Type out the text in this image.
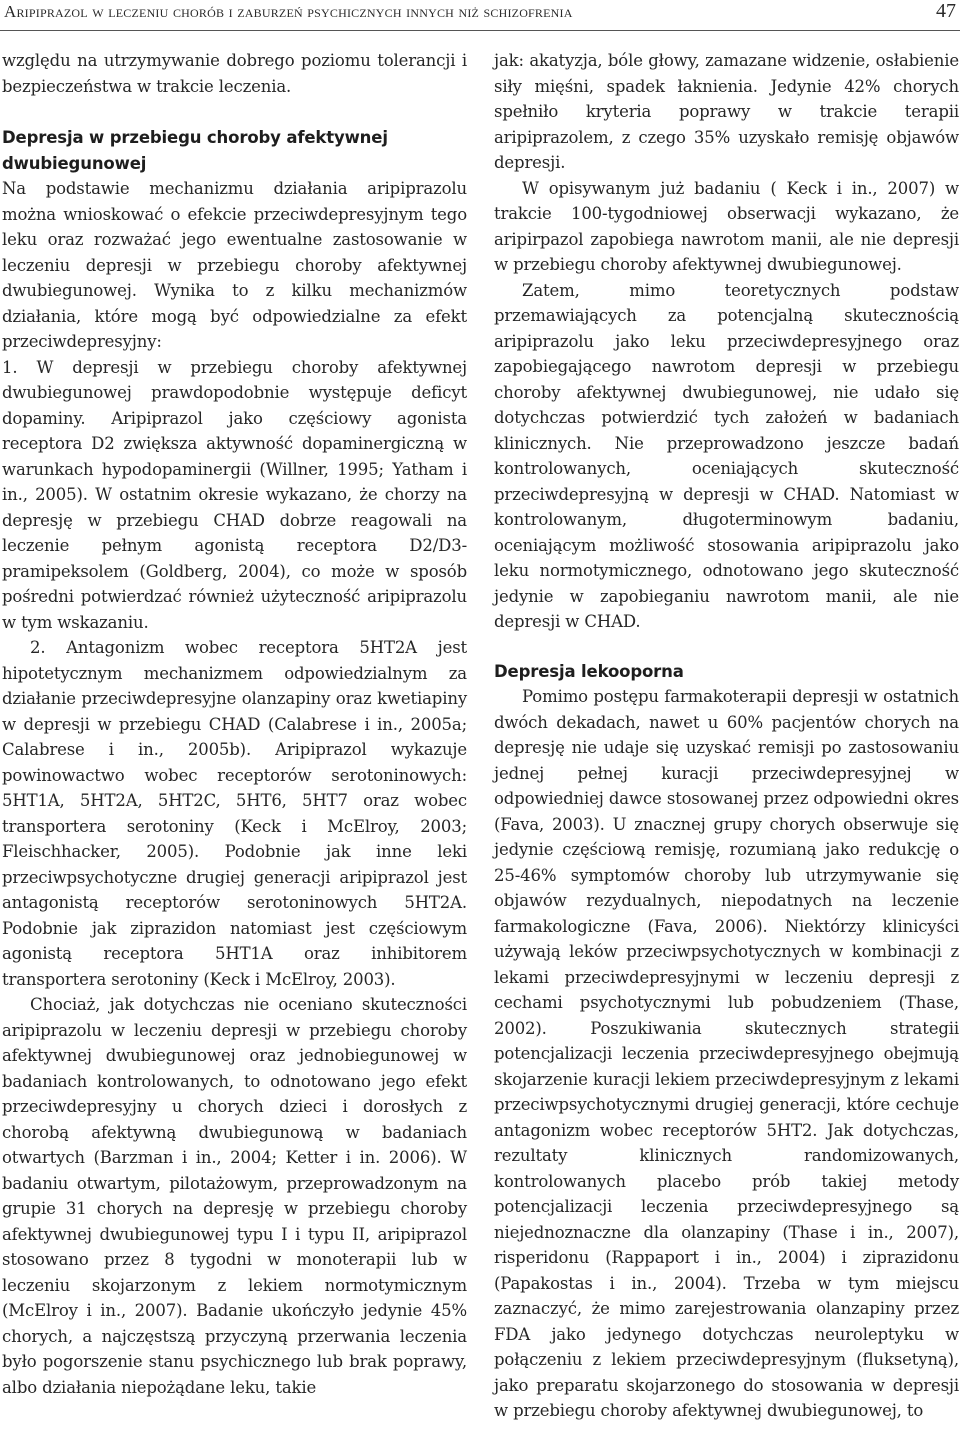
Aripiprazol w leczeniu chorób i zaburzeń psychicznych innych niż schizofrenia	47

względu na utrzymywanie dobrego poziomu tolerancji i bezpieczeństwa w trakcie leczenia.

Depresja w przebiegu choroby afektywnej dwubiegunowej

Na podstawie mechanizmu działania aripiprazolu można wnioskować o efekcie przeciwdepresyjnym tego leku oraz rozważać jego ewentualne zastosowanie w leczeniu depresji w przebiegu choroby afektywnej dwubiegunowej. Wynika to z kilku mechanizmów działania, które mogą być odpowiedzialne za efekt przeciwdepresyjny:

1. W depresji w przebiegu choroby afektywnej dwubiegunowej prawdopodobnie występuje deficyt dopaminy. Aripiprazol jako częściowy agonista receptora D2 zwiększa aktywność dopaminergiczną w warunkach hypodopaminergii (Willner, 1995; Yatham i in., 2005). W ostatnim okresie wykazano, że chorzy na depresję w przebiegu CHAD dobrze reagowali na leczenie pełnym agonistą receptora D2/D3- pramipeksolem (Goldberg, 2004), co może w sposób pośredni potwierdzać również użyteczność aripiprazolu w tym wskazaniu.

2. Antagonizm wobec receptora 5HT2A jest hipotetycznym mechanizmem odpowiedzialnym za działanie przeciwdepresyjne olanzapiny oraz kwetiapiny w depresji w przebiegu CHAD (Calabrese i in., 2005a; Calabrese i in., 2005b). Aripiprazol wykazuje powinowactwo wobec receptorów serotoninowych: 5HT1A, 5HT2A, 5HT2C, 5HT6, 5HT7 oraz wobec transportera serotoniny (Keck i McElroy, 2003; Fleischhacker, 2005). Podobnie jak inne leki przeciwpsychotyczne drugiej generacji aripiprazol jest antagonistą receptorów serotoninowych 5HT2A. Podobnie jak ziprazidon natomiast jest częściowym agonistą receptora 5HT1A oraz inhibitorem transportera serotoniny (Keck i McElroy, 2003).

Chociaż, jak dotychczas nie oceniano skuteczności aripiprazolu w leczeniu depresji w przebiegu choroby afektywnej dwubiegunowej oraz jednobiegunowej w badaniach kontrolowanych, to odnotowano jego efekt przeciwdepresyjny u chorych dzieci i dorosłych z chorobą afektywną dwubiegunową w badaniach otwartych (Barzman i in., 2004; Ketter i in. 2006). W badaniu otwartym, pilotażowym, przeprowadzonym na grupie 31 chorych na depresję w przebiegu choroby afektywnej dwubiegunowej typu I i typu II, aripiprazol stosowano przez 8 tygodni w monoterapii lub w leczeniu skojarzonym z lekiem normotymicznym (McElroy i in., 2007). Badanie ukończyło jedynie 45% chorych, a najczęstszą przyczyną przerwania leczenia było pogorszenie stanu psychicznego lub brak poprawy, albo działania niepożądane leku, takie

jak: akatyzja, bóle głowy, zamazane widzenie, osłabienie siły mięśni, spadek łaknienia. Jedynie 42% chorych spełniło kryteria poprawy w trakcie terapii aripiprazolem, z czego 35% uzyskało remisję objawów depresji.

W opisywanym już badaniu ( Keck i in., 2007) w trakcie 100-tygodniowej obserwacji wykazano, że aripirpazol zapobiega nawrotom manii, ale nie depresji w przebiegu choroby afektywnej dwubiegunowej.

Zatem, mimo teoretycznych podstaw przemawiających za potencjalną skutecznością aripiprazolu jako leku przeciwdepresyjnego oraz zapobiegającego nawrotom depresji w przebiegu choroby afektywnej dwubiegunowej, nie udało się dotychczas potwierdzić tych założeń w badaniach klinicznych. Nie przeprowadzono jeszcze badań kontrolowanych, oceniających skuteczność przeciwdepresyjną w depresji w CHAD. Natomiast w kontrolowanym, długoterminowym badaniu, oceniającym możliwość stosowania aripiprazolu jako leku normotymicznego, odnotowano jego skuteczność jedynie w zapobieganiu nawrotom manii, ale nie depresji w CHAD.

Depresja lekooporna

Pomimo postępu farmakoterapii depresji w ostatnich dwóch dekadach, nawet u 60% pacjentów chorych na depresję nie udaje się uzyskać remisji po zastosowaniu jednej pełnej kuracji przeciwdepresyjnej w odpowiedniej dawce stosowanej przez odpowiedni okres (Fava, 2003). U znacznej grupy chorych obserwuje się jedynie częściową remisję, rozumianą jako redukcję o 25-46% symptomów choroby lub utrzymywanie się objawów rezydualnych, niepodatnych na leczenie farmakologiczne (Fava, 2006). Niektórzy klinicyści używają leków przeciwpsychotycznych w kombinacji z lekami przeciwdepresyjnymi w leczeniu depresji z cechami psychotycznymi lub pobudzeniem (Thase, 2002). Poszukiwania skutecznych strategii potencjalizacji leczenia przeciwdepresyjnego obejmują skojarzenie kuracji lekiem przeciwdepresyjnym z lekami przeciwpsychotycznymi drugiej generacji, które cechuje antagonizm wobec receptorów 5HT2. Jak dotychczas, rezultaty klinicznych randomizowanych, kontrolowanych placebo prób takiej metody potencjalizacji leczenia przeciwdepresyjnego są niejednoznaczne dla olanzapiny (Thase i in., 2007), risperidonu (Rappaport i in., 2004) i ziprazidonu (Papakostas i in., 2004). Trzeba w tym miejscu zaznaczyć, że mimo zarejestrowania olanzapiny przez FDA jako jedynego dotychczas neuroleptyku w połączeniu z lekiem przeciwdepresyjnym (fluksetyną), jako preparatu skojarzonego do stosowania w depresji w przebiegu choroby afektywnej dwubiegunowej, to
